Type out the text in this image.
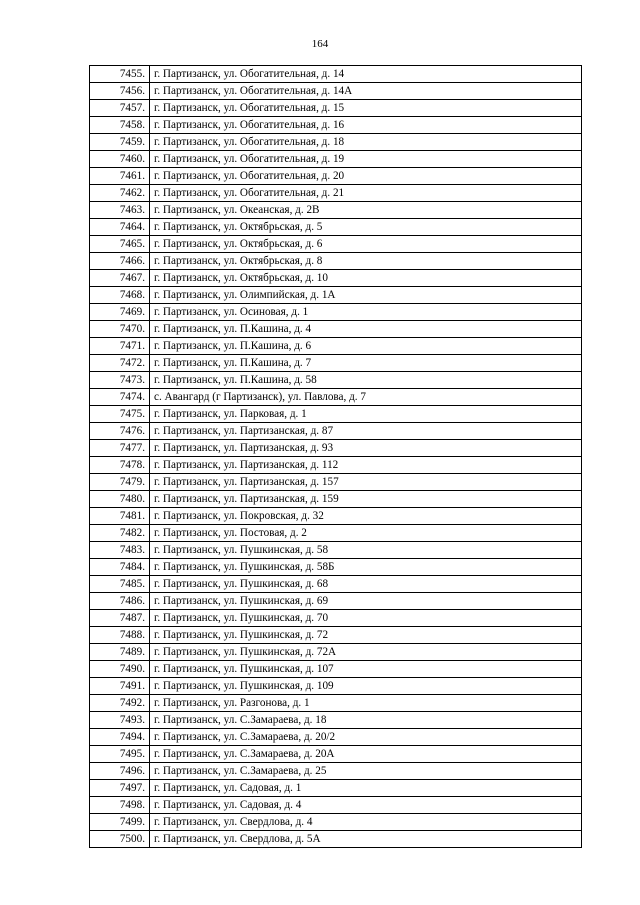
164
7455.	г. Партизанск, ул. Обогатительная, д. 14
7456.	г. Партизанск, ул. Обогатительная, д. 14А
7457.	г. Партизанск, ул. Обогатительная, д. 15
7458.	г. Партизанск, ул. Обогатительная, д. 16
7459.	г. Партизанск, ул. Обогатительная, д. 18
7460.	г. Партизанск, ул. Обогатительная, д. 19
7461.	г. Партизанск, ул. Обогатительная, д. 20
7462.	г. Партизанск, ул. Обогатительная, д. 21
7463.	г. Партизанск, ул. Океанская, д. 2В
7464.	г. Партизанск, ул. Октябрьская, д. 5
7465.	г. Партизанск, ул. Октябрьская, д. 6
7466.	г. Партизанск, ул. Октябрьская, д. 8
7467.	г. Партизанск, ул. Октябрьская, д. 10
7468.	г. Партизанск, ул. Олимпийская, д. 1А
7469.	г. Партизанск, ул. Осиновая, д. 1
7470.	г. Партизанск, ул. П.Кашина, д. 4
7471.	г. Партизанск, ул. П.Кашина, д. 6
7472.	г. Партизанск, ул. П.Кашина, д. 7
7473.	г. Партизанск, ул. П.Кашина, д. 58
7474.	с. Авангард (г Партизанск), ул. Павлова, д. 7
7475.	г. Партизанск, ул. Парковая, д. 1
7476.	г. Партизанск, ул. Партизанская, д. 87
7477.	г. Партизанск, ул. Партизанская, д. 93
7478.	г. Партизанск, ул. Партизанская, д. 112
7479.	г. Партизанск, ул. Партизанская, д. 157
7480.	г. Партизанск, ул. Партизанская, д. 159
7481.	г. Партизанск, ул. Покровская, д. 32
7482.	г. Партизанск, ул. Постовая, д. 2
7483.	г. Партизанск, ул. Пушкинская, д. 58
7484.	г. Партизанск, ул. Пушкинская, д. 58Б
7485.	г. Партизанск, ул. Пушкинская, д. 68
7486.	г. Партизанск, ул. Пушкинская, д. 69
7487.	г. Партизанск, ул. Пушкинская, д. 70
7488.	г. Партизанск, ул. Пушкинская, д. 72
7489.	г. Партизанск, ул. Пушкинская, д. 72А
7490.	г. Партизанск, ул. Пушкинская, д. 107
7491.	г. Партизанск, ул. Пушкинская, д. 109
7492.	г. Партизанск, ул. Разгонова, д. 1
7493.	г. Партизанск, ул. С.Замараева, д. 18
7494.	г. Партизанск, ул. С.Замараева, д. 20/2
7495.	г. Партизанск, ул. С.Замараева, д. 20А
7496.	г. Партизанск, ул. С.Замараева, д. 25
7497.	г. Партизанск, ул. Садовая, д. 1
7498.	г. Партизанск, ул. Садовая, д. 4
7499.	г. Партизанск, ул. Свердлова, д. 4
7500.	г. Партизанск, ул. Свердлова, д. 5А
